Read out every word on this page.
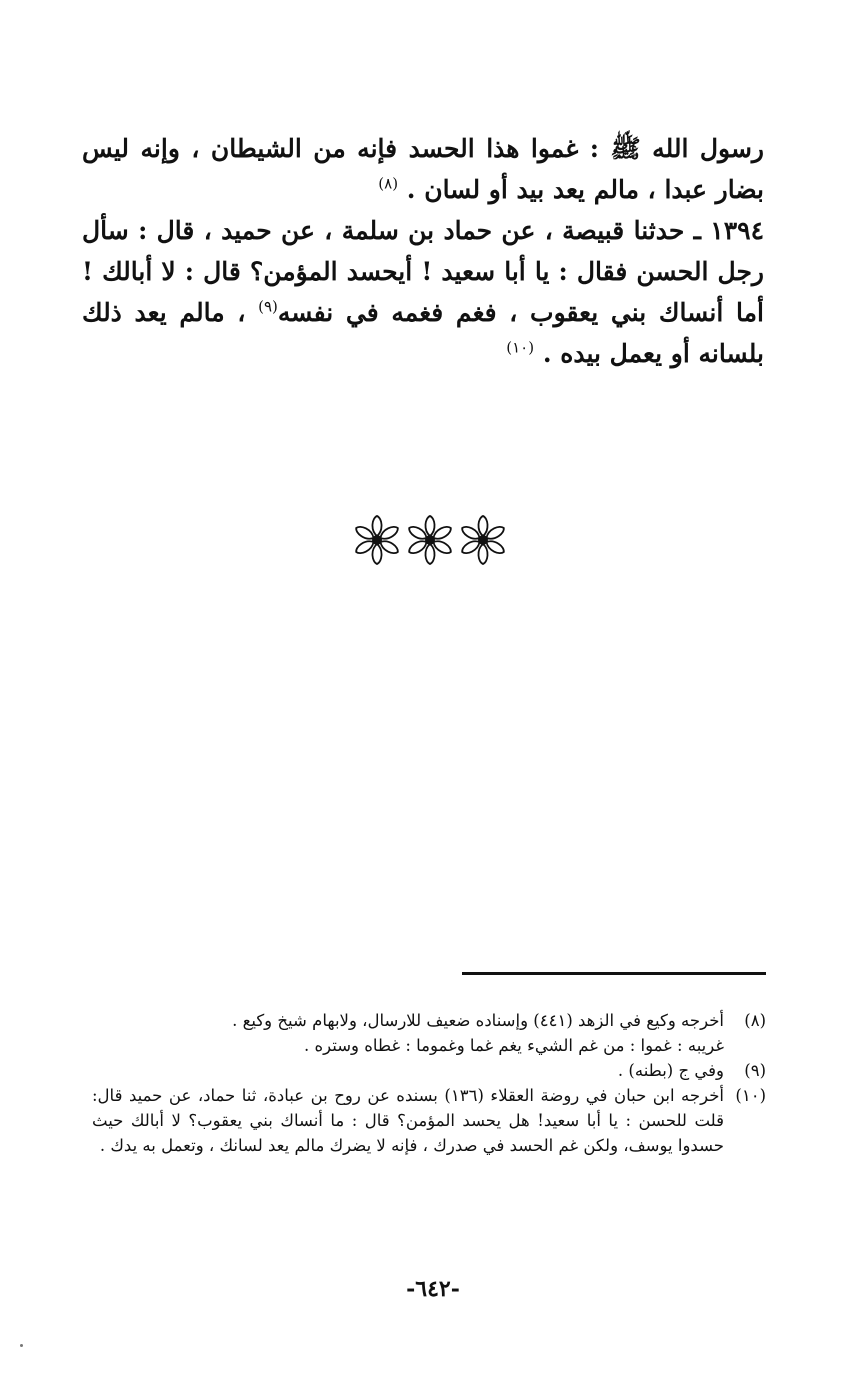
رسول الله ﷺ : غموا هذا الحسد فإنه من الشيطان ، وإنه ليس بضار عبدا ، مالم يعد بيد أو لسان . $^{(٨)}$

١٣٩٤ ـ حدثنا قبيصة ، عن حماد بن سلمة ، عن حميد ، قال : سأل رجل الحسن فقال : يا أبا سعيد ! أيحسد المؤمن؟ قال : لا أبالك ! أما أنساك بني يعقوب ، فغم فغمه في نفسه$^{(٩)}$ ، مالم يعد ذلك بلسانه أو يعمل بيده . $^{(١٠)}$

(٨)
أخرجه وكيع في الزهد (٤٤١) وإسناده ضعيف للارسال، ولابهام شيخ وكيع .
غريبه : غموا : من غم الشيء يغم غما وغموما : غطاه وستره .
(٩)
وفي ج (بطنه) .
(١٠)
أخرجه ابن حبان في روضة العقلاء (١٣٦) بسنده عن روح بن عبادة، ثنا حماد، عن حميد قال: قلت للحسن : يا أبا سعيد! هل يحسد المؤمن؟ قال : ما أنساك بني يعقوب؟ لا أبالك حيث حسدوا يوسف، ولكن غم الحسد في صدرك ، فإنه لا يضرك مالم يعد لسانك ، وتعمل به يدك .
-٦٤٢-
